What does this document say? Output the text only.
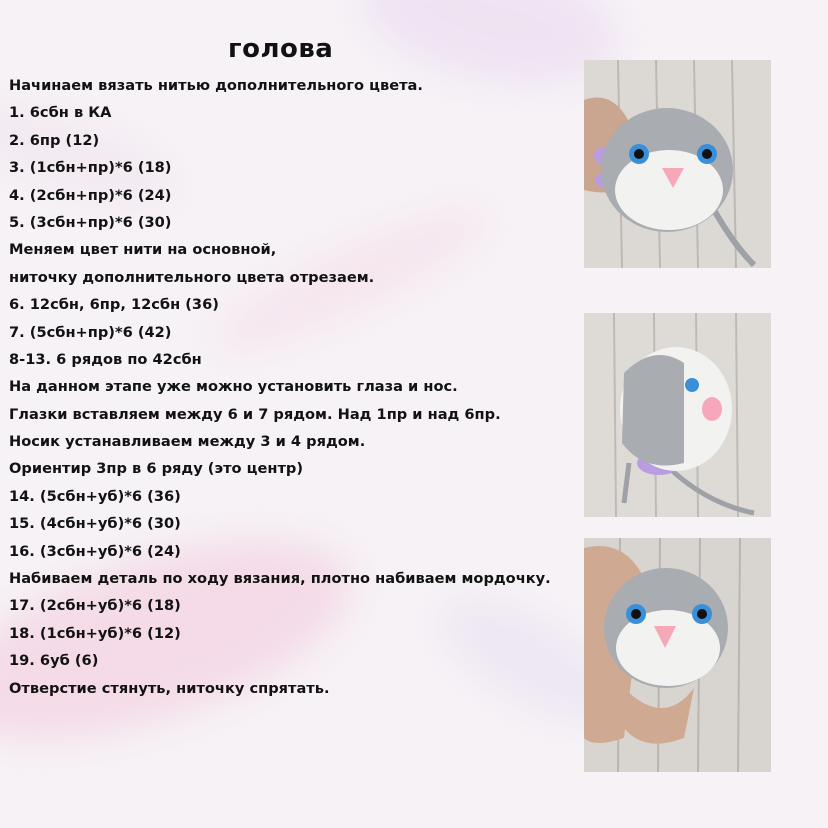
голова
Начинаем вязать нитью дополнительного цвета.
1. 6сбн в КА
2. 6пр (12)
3. (1сбн+пр)*6 (18)
4. (2сбн+пр)*6 (24)
5. (3сбн+пр)*6 (30)
Меняем цвет нити на основной,
ниточку дополнительного цвета отрезаем.
6. 12сбн, 6пр, 12сбн (36)
7. (5сбн+пр)*6 (42)
8-13. 6 рядов по 42сбн
На данном этапе уже можно установить глаза и нос.
Глазки вставляем между 6 и 7 рядом. Над 1пр и над 6пр.
Носик устанавливаем между 3 и 4 рядом.
Ориентир 3пр в 6 ряду (это центр)
14. (5сбн+уб)*6 (36)
15. (4сбн+уб)*6 (30)
16. (3сбн+уб)*6 (24)
Набиваем деталь по ходу вязания, плотно набиваем мордочку.
17. (2сбн+уб)*6 (18)
18. (1сбн+уб)*6 (12)
19. 6уб (6)
Отверстие стянуть, ниточку спрятать.
